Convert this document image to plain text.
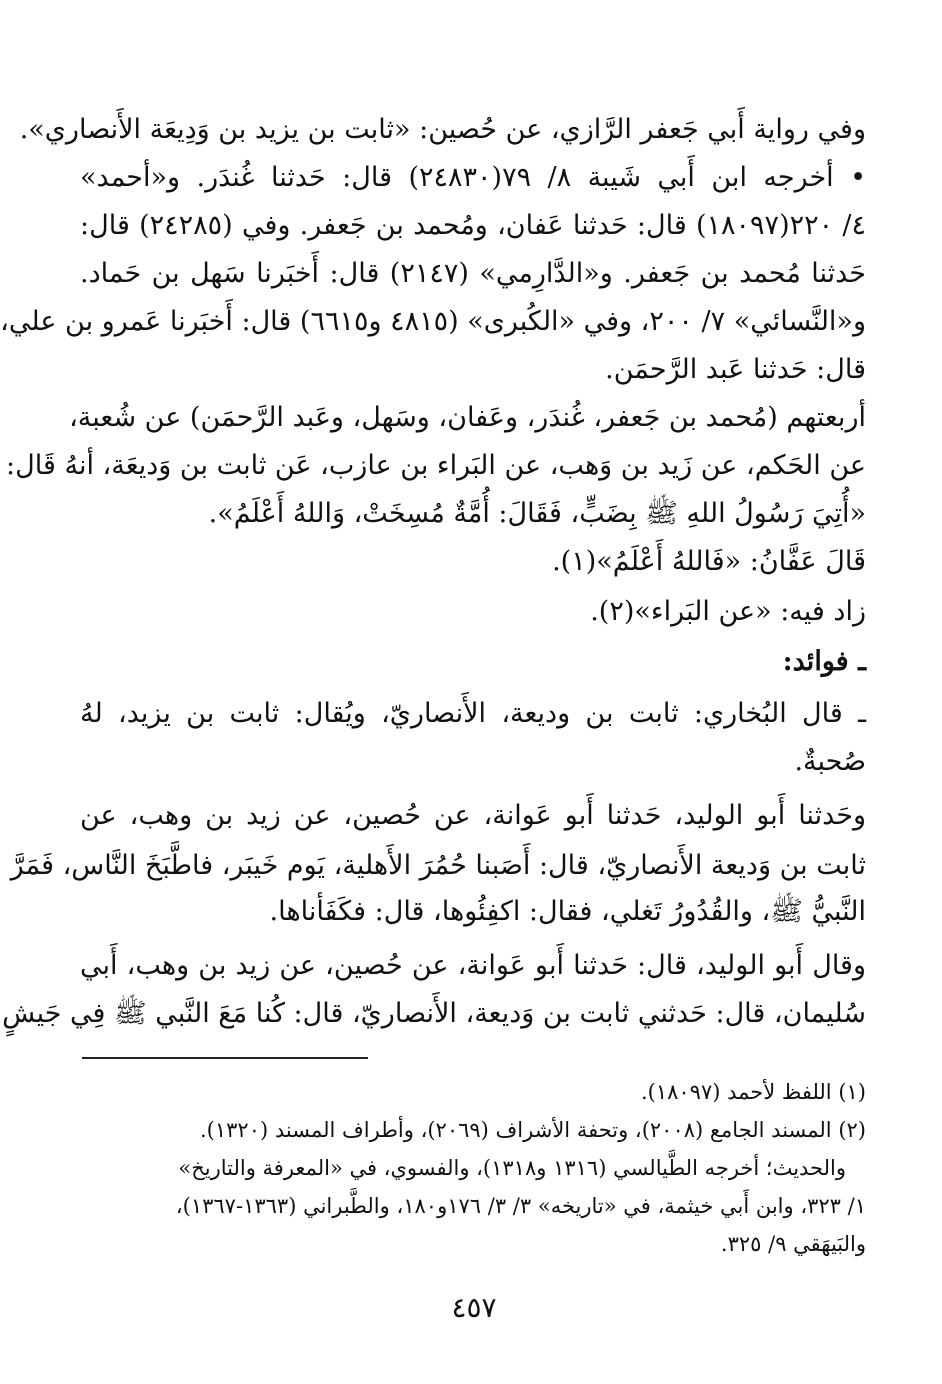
وفي رواية أَبي جَعفر الرَّازي، عن حُصين: «ثابت بن يزيد بن وَدِيعَة الأَنصاري».
• أخرجه ابن أَبي شَيبة ٨/ ٧٩(٢٤٨٣٠) قال: حَدثنا غُندَر. و«أحمد»
٤/ ٢٢٠(١٨٠٩٧) قال: حَدثنا عَفان، ومُحمد بن جَعفر. وفي (٢٤٢٨٥) قال:
حَدثنا مُحمد بن جَعفر. و«الدَّارِمي» (٢١٤٧) قال: أَخبَرنا سَهل بن حَماد.
و«النَّسائي» ٧/ ٢٠٠، وفي «الكُبرى» (٤٨١٥ و٦٦١٥) قال: أَخبَرنا عَمرو بن علي،
قال: حَدثنا عَبد الرَّحمَن.
أربعتهم (مُحمد بن جَعفر، غُندَر، وعَفان، وسَهل، وعَبد الرَّحمَن) عن شُعبة،
عن الحَكم، عن زَيد بن وَهب، عن البَراء بن عازب، عَن ثابت بن وَديعَة، أنهُ قَال:
«أُتِيَ رَسُولُ اللهِ ﷺ بِضَبٍّ، فَقَالَ: أُمَّةٌ مُسِخَتْ، وَاللهُ أَعْلَمُ».
قَالَ عَفَّانُ: «فَاللهُ أَعْلَمُ»(١).
زاد فيه: «عن البَراء»(٢).
ـ فوائد:
ـ قال البُخاري: ثابت بن وديعة، الأَنصاريّ، ويُقال: ثابت بن يزيد، لهُ
صُحبةٌ.
وحَدثنا أَبو الوليد، حَدثنا أَبو عَوانة، عن حُصين، عن زيد بن وهب، عن
ثابت بن وَديعة الأَنصاريّ، قال: أَصَبنا حُمُرَ الأَهلية، يَوم خَيبَر، فاطَّبَخَ النَّاس، فَمَرَّ
النَّبيُّ ﷺ، والقُدُورُ تَغلي، فقال: اكفِئُوها، قال: فكَفَأناها.
وقال أَبو الوليد، قال: حَدثنا أَبو عَوانة، عن حُصين، عن زيد بن وهب، أَبي
سُليمان، قال: حَدثني ثابت بن وَديعة، الأَنصاريّ، قال: كُنا مَعَ النَّبي ﷺ فِي جَيشٍ
(١) اللفظ لأحمد (١٨٠٩٧).
(٢) المسند الجامع (٢٠٠٨)، وتحفة الأشراف (٢٠٦٩)، وأطراف المسند (١٣٢٠).
والحديث؛ أخرجه الطَّيالسي (١٣١٦ و١٣١٨)، والفسوي، في «المعرفة والتاريخ»
١/ ٣٢٣، وابن أَبي خيثمة، في «تاريخه» ٣/ ٣/ ١٧٦و١٨٠، والطَّبراني (١٣٦٣-١٣٦٧)،
والبَيهَقي ٩/ ٣٢٥.
٤٥٧
